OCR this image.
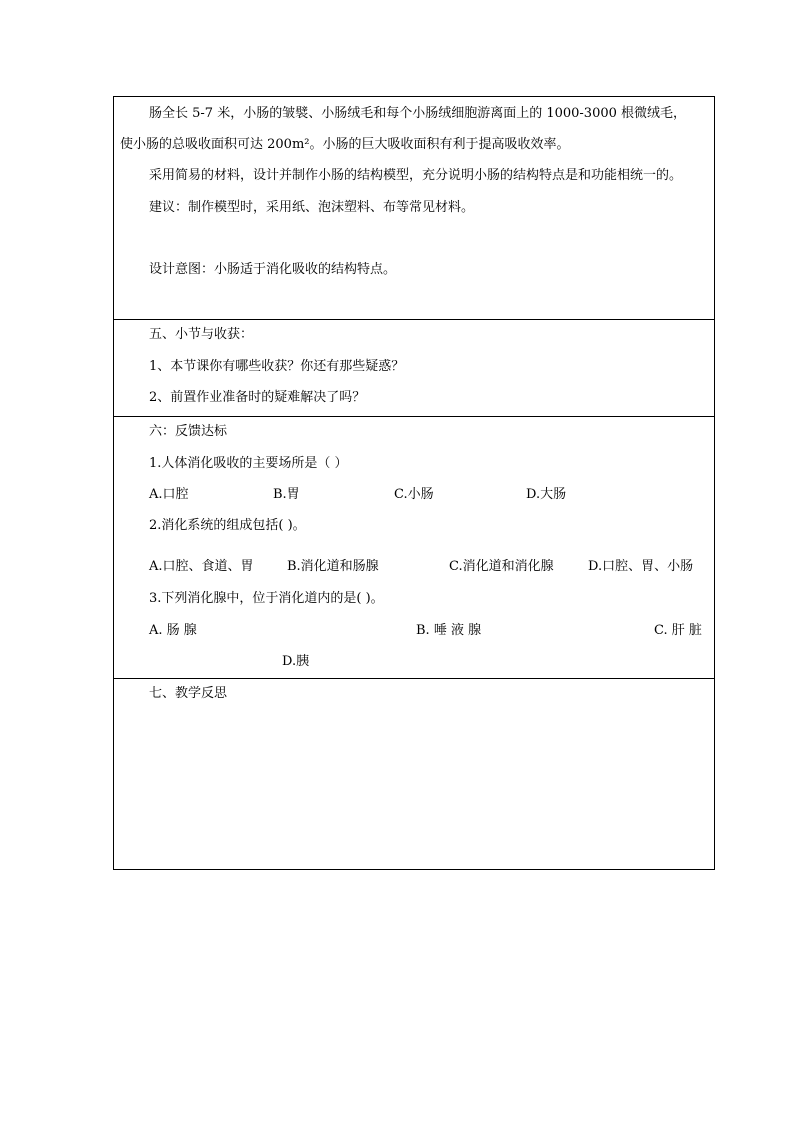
肠全长 5-7 米，小肠的皱襞、小肠绒毛和每个小肠绒细胞游离面上的 1000-3000 根微绒毛，
使小肠的总吸收面积可达 200m²。小肠的巨大吸收面积有利于提高吸收效率。
采用简易的材料，设计并制作小肠的结构模型，充分说明小肠的结构特点是和功能相统一的。
建议：制作模型时，采用纸、泡沫塑料、布等常见材料。
设计意图：小肠适于消化吸收的结构特点。
五、小节与收获：
1、本节课你有哪些收获？你还有那些疑惑？
2、前置作业准备时的疑难解决了吗？
六：反馈达标
1.人体消化吸收的主要场所是（ ）
A.口腔	B.胃	C.小肠	D.大肠
2.消化系统的组成包括( )。
A.口腔、食道、胃	B.消化道和肠腺	C.消化道和消化腺	D.口腔、胃、小肠
3.下列消化腺中，位于消化道内的是( )。
A. 肠 腺	B. 唾 液 腺	C. 肝 脏
D.胰
七、教学反思
